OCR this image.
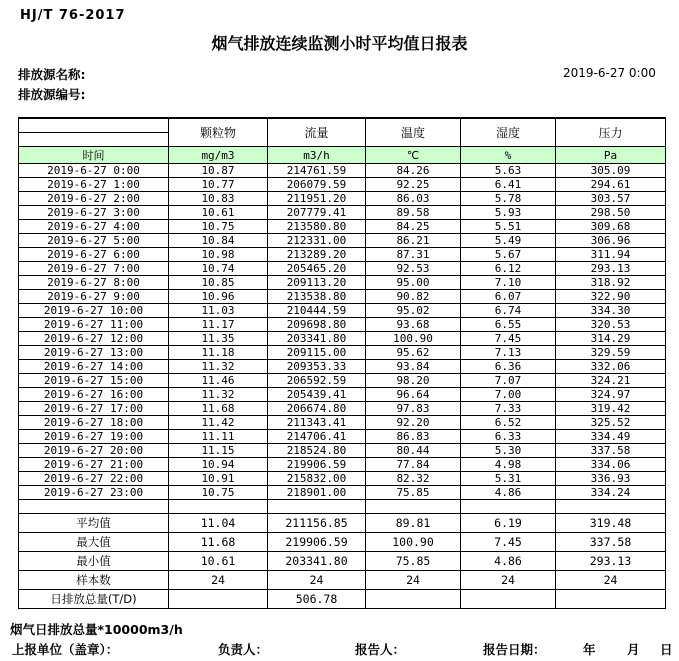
HJ/T 76-2017
烟气排放连续监测小时平均值日报表
排放源名称:	2019-6-27 0:00
排放源编号:
	颗粒物	流量	温度	湿度	压力

时间	mg/m3	m3/h	℃	%	Pa
2019-6-27 0:00	10.87	214761.59	84.26	5.63	305.09
2019-6-27 1:00	10.77	206079.59	92.25	6.41	294.61
2019-6-27 2:00	10.83	211951.20	86.03	5.78	303.57
2019-6-27 3:00	10.61	207779.41	89.58	5.93	298.50
2019-6-27 4:00	10.75	213580.80	84.25	5.51	309.68
2019-6-27 5:00	10.84	212331.00	86.21	5.49	306.96
2019-6-27 6:00	10.98	213289.20	87.31	5.67	311.94
2019-6-27 7:00	10.74	205465.20	92.53	6.12	293.13
2019-6-27 8:00	10.85	209113.20	95.00	7.10	318.92
2019-6-27 9:00	10.96	213538.80	90.82	6.07	322.90
2019-6-27 10:00	11.03	210444.59	95.02	6.74	334.30
2019-6-27 11:00	11.17	209698.80	93.68	6.55	320.53
2019-6-27 12:00	11.35	203341.80	100.90	7.45	314.29
2019-6-27 13:00	11.18	209115.00	95.62	7.13	329.59
2019-6-27 14:00	11.32	209353.33	93.84	6.36	332.06
2019-6-27 15:00	11.46	206592.59	98.20	7.07	324.21
2019-6-27 16:00	11.32	205439.41	96.64	7.00	324.97
2019-6-27 17:00	11.68	206674.80	97.83	7.33	319.42
2019-6-27 18:00	11.42	211343.41	92.20	6.52	325.52
2019-6-27 19:00	11.11	214706.41	86.83	6.33	334.49
2019-6-27 20:00	11.15	218524.80	80.44	5.30	337.58
2019-6-27 21:00	10.94	219906.59	77.84	4.98	334.06
2019-6-27 22:00	10.91	215832.00	82.32	5.31	336.93
2019-6-27 23:00	10.75	218901.00	75.85	4.86	334.24

平均值	11.04	211156.85	89.81	6.19	319.48
最大值	11.68	219906.59	100.90	7.45	337.58
最小值	10.61	203341.80	75.85	4.86	293.13
样本数	24	24	24	24	24
日排放总量(T/D)		506.78			
烟气日排放总量*10000m3/h
上报单位（盖章）：	负责人：	报告人：	报告日期：	年	月 日
